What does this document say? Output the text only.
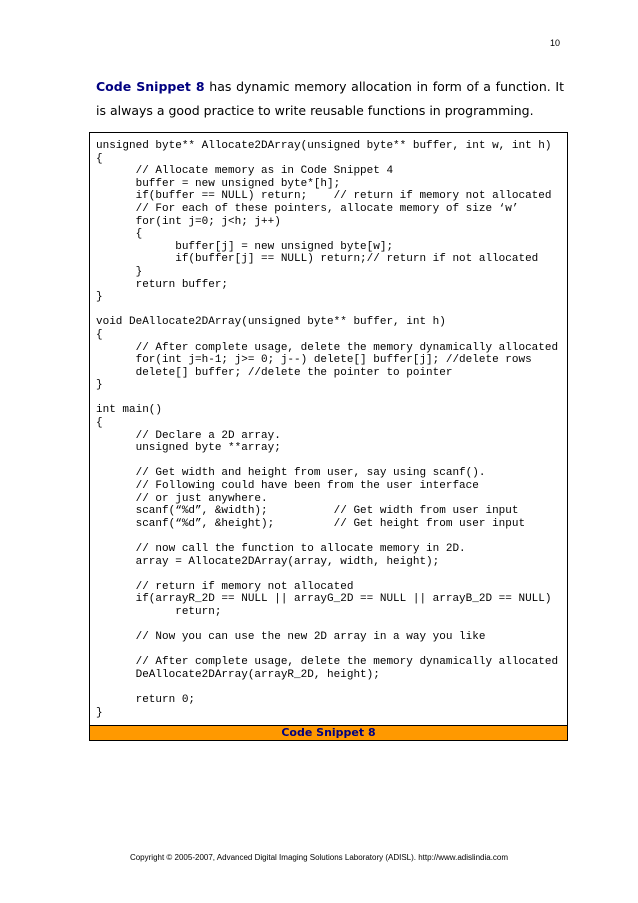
10

Code Snippet 8 has dynamic memory allocation in form of a function. It is always a good practice to write reusable functions in programming.

unsigned byte** Allocate2DArray(unsigned byte** buffer, int w, int h)
{
// Allocate memory as in Code Snippet 4
buffer = new unsigned byte*[h];
if(buffer == NULL) return;    // return if memory not allocated
// For each of these pointers, allocate memory of size ‘w’
for(int j=0; j<h; j++)
{
buffer[j] = new unsigned byte[w];
if(buffer[j] == NULL) return;// return if not allocated
}
return buffer;
}

void DeAllocate2DArray(unsigned byte** buffer, int h)
{
// After complete usage, delete the memory dynamically allocated
for(int j=h-1; j>= 0; j--) delete[] buffer[j]; //delete rows
delete[] buffer; //delete the pointer to pointer
}

int main()
{
// Declare a 2D array.
unsigned byte **array;

// Get width and height from user, say using scanf().
// Following could have been from the user interface
// or just anywhere.
scanf(“%d”, &width);          // Get width from user input
scanf(“%d”, &height);         // Get height from user input

// now call the function to allocate memory in 2D.
array = Allocate2DArray(array, width, height);

// return if memory not allocated
if(arrayR_2D == NULL || arrayG_2D == NULL || arrayB_2D == NULL)
return;

// Now you can use the new 2D array in a way you like

// After complete usage, delete the memory dynamically allocated
DeAllocate2DArray(arrayR_2D, height);

return 0;
}
Code Snippet 8
Copyright © 2005-2007, Advanced Digital Imaging Solutions Laboratory (ADISL). http://www.adislindia.com
